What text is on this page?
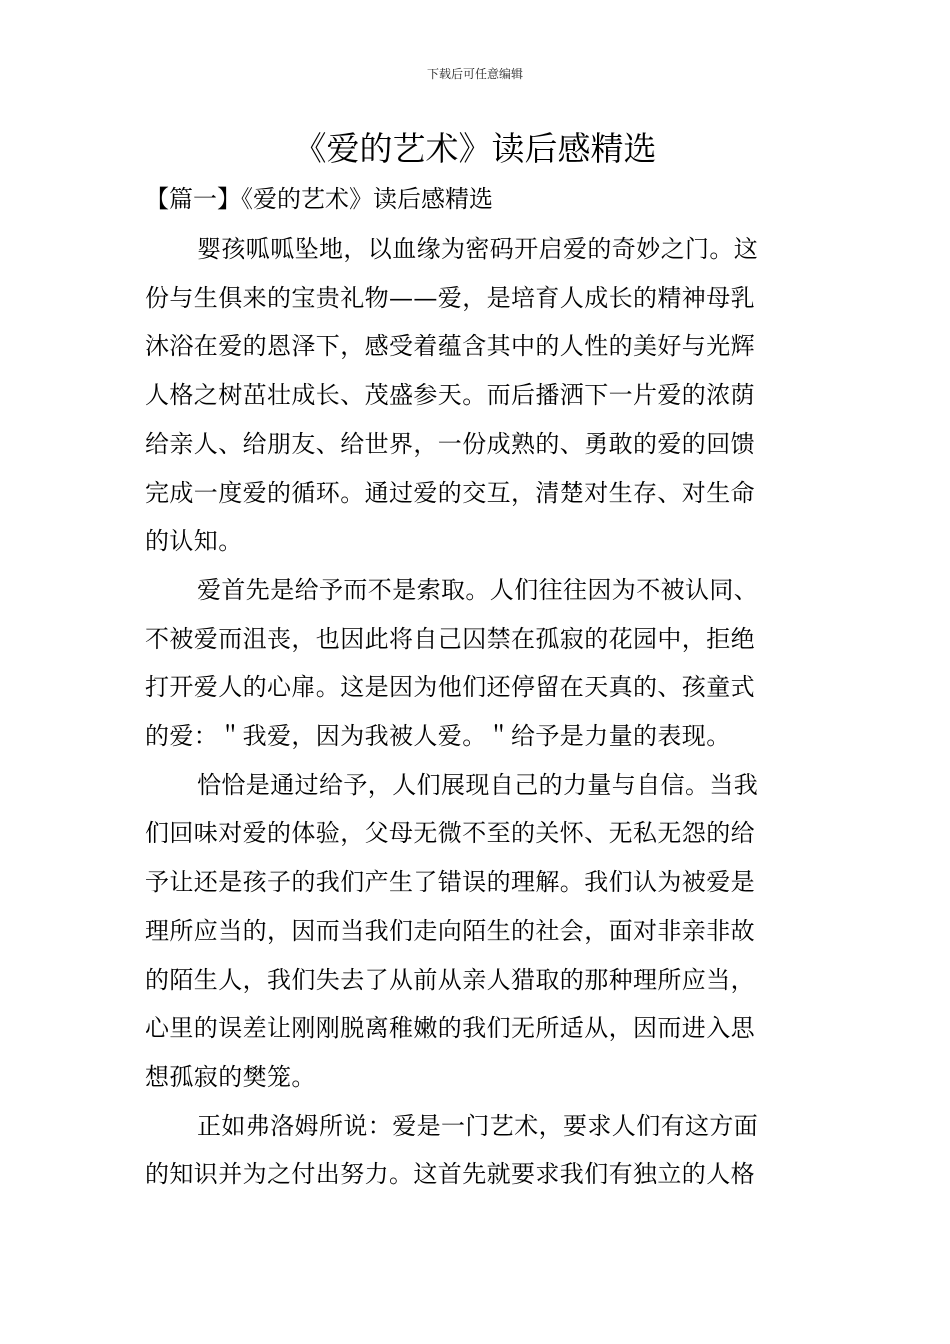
下载后可任意编辑
《爱的艺术》读后感精选
【篇一】《爱的艺术》读后感精选

婴孩呱呱坠地，以血缘为密码开启爱的奇妙之门。这
份与生俱来的宝贵礼物——爱，是培育人成长的精神母乳
沐浴在爱的恩泽下，感受着蕴含其中的人性的美好与光辉
人格之树茁壮成长、茂盛参天。而后播洒下一片爱的浓荫
给亲人、给朋友、给世界，一份成熟的、勇敢的爱的回馈
完成一度爱的循环。通过爱的交互，清楚对生存、对生命
的认知。

爱首先是给予而不是索取。人们往往因为不被认同、
不被爱而沮丧，也因此将自己囚禁在孤寂的花园中，拒绝
打开爱人的心扉。这是因为他们还停留在天真的、孩童式
的爱：＂我爱，因为我被人爱。＂给予是力量的表现。

恰恰是通过给予，人们展现自己的力量与自信。当我
们回味对爱的体验，父母无微不至的关怀、无私无怨的给
予让还是孩子的我们产生了错误的理解。我们认为被爱是
理所应当的，因而当我们走向陌生的社会，面对非亲非故
的陌生人，我们失去了从前从亲人猎取的那种理所应当，
心里的误差让刚刚脱离稚嫩的我们无所适从，因而进入思
想孤寂的樊笼。

正如弗洛姆所说：爱是一门艺术，要求人们有这方面
的知识并为之付出努力。这首先就要求我们有独立的人格
